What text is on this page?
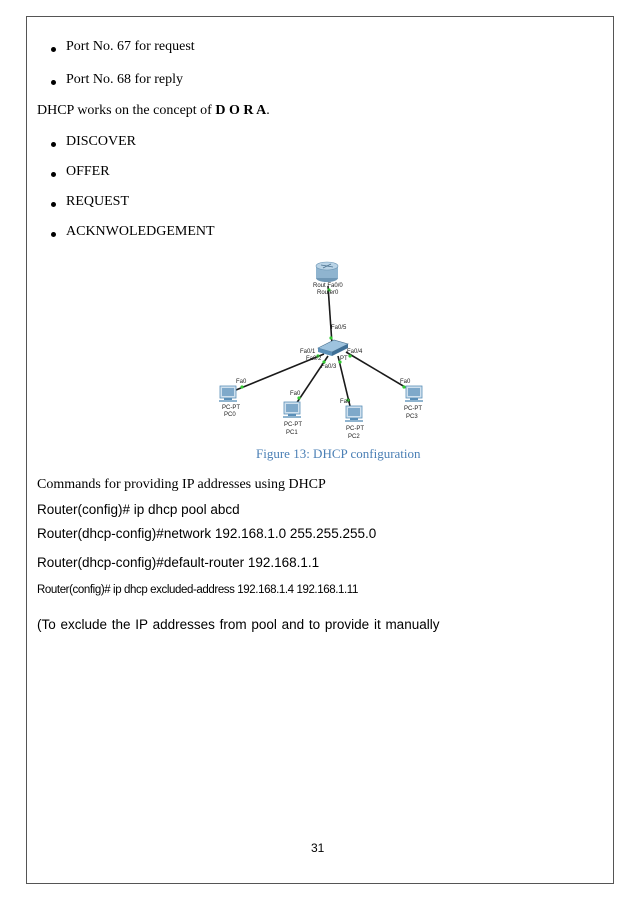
Port No. 67 for request
Port No. 68 for reply
DHCP works on the concept of D O R A.
DISCOVER
OFFER
REQUEST
ACKNWOLEDGEMENT
Rout Fa0/0
Router0
Fa0/5
Fa0/1
Fa0/2
Fa0/4
Fa0/3
PT
Fa0
PC-PT
PC0
Fa0
PC-PT
PC1
Fa0
PC-PT
PC2
Fa0
PC-PT
PC3
Figure 13: DHCP configuration
Commands for providing IP addresses using DHCP
Router(config)# ip dhcp pool abcd
Router(dhcp-config)#network 192.168.1.0 255.255.255.0
Router(dhcp-config)#default-router 192.168.1.1
Router(config)# ip dhcp excluded-address 192.168.1.4 192.168.1.11
(To exclude the IP addresses from pool and to provide it manually
31
